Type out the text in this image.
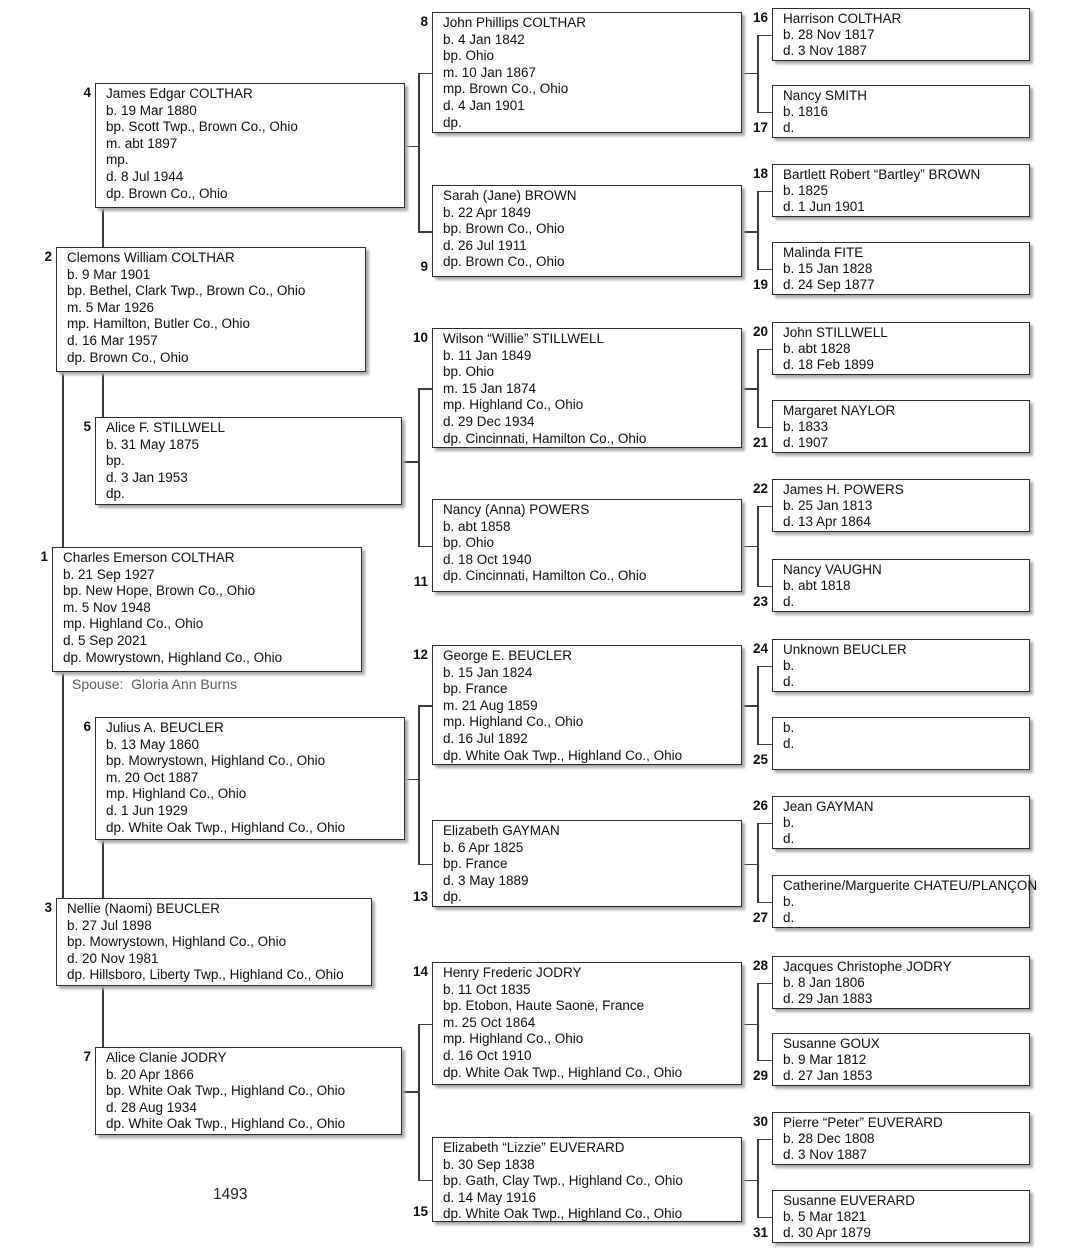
Charles Emerson COLTHAR
b. 21 Sep 1927
bp. New Hope, Brown Co., Ohio
m. 5 Nov 1948
mp. Highland Co., Ohio
d. 5 Sep 2021
dp. Mowrystown, Highland Co., Ohio
1
Clemons William COLTHAR
b. 9 Mar 1901
bp. Bethel, Clark Twp., Brown Co., Ohio
m. 5 Mar 1926
mp. Hamilton, Butler Co., Ohio
d. 16 Mar 1957
dp. Brown Co., Ohio
2
Nellie (Naomi) BEUCLER
b. 27 Jul 1898
bp. Mowrystown, Highland Co., Ohio
d. 20 Nov 1981
dp. Hillsboro, Liberty Twp., Highland Co., Ohio
3
James Edgar COLTHAR
b. 19 Mar 1880
bp. Scott Twp., Brown Co., Ohio
m. abt 1897
mp.
d. 8 Jul 1944
dp. Brown Co., Ohio
4
Alice F. STILLWELL
b. 31 May 1875
bp.
d. 3 Jan 1953
dp.
5
Julius A. BEUCLER
b. 13 May 1860
bp. Mowrystown, Highland Co., Ohio
m. 20 Oct 1887
mp. Highland Co., Ohio
d. 1 Jun 1929
dp. White Oak Twp., Highland Co., Ohio
6
Alice Clanie JODRY
b. 20 Apr 1866
bp. White Oak Twp., Highland Co., Ohio
d. 28 Aug 1934
dp. White Oak Twp., Highland Co., Ohio
7
John Phillips COLTHAR
b. 4 Jan 1842
bp. Ohio
m. 10 Jan 1867
mp. Brown Co., Ohio
d. 4 Jan 1901
dp.
8
Sarah (Jane) BROWN
b. 22 Apr 1849
bp. Brown Co., Ohio
d. 26 Jul 1911
dp. Brown Co., Ohio
9
Wilson “Willie” STILLWELL
b. 11 Jan 1849
bp. Ohio
m. 15 Jan 1874
mp. Highland Co., Ohio
d. 29 Dec 1934
dp. Cincinnati, Hamilton Co., Ohio
10
Nancy (Anna) POWERS
b. abt 1858
bp. Ohio
d. 18 Oct 1940
dp. Cincinnati, Hamilton Co., Ohio
11
George E. BEUCLER
b. 15 Jan 1824
bp. France
m. 21 Aug 1859
mp. Highland Co., Ohio
d. 16 Jul 1892
dp. White Oak Twp., Highland Co., Ohio
12
Elizabeth GAYMAN
b. 6 Apr 1825
bp. France
d. 3 May 1889
dp.
13
Henry Frederic JODRY
b. 11 Oct 1835
bp. Etobon, Haute Saone, France
m. 25 Oct 1864
mp. Highland Co., Ohio
d. 16 Oct 1910
dp. White Oak Twp., Highland Co., Ohio
14
Elizabeth “Lizzie” EUVERARD
b. 30 Sep 1838
bp. Gath, Clay Twp., Highland Co., Ohio
d. 14 May 1916
dp. White Oak Twp., Highland Co., Ohio
15
Harrison COLTHAR
b. 28 Nov 1817
d. 3 Nov 1887
16
Nancy SMITH
b. 1816
d.
17
Bartlett Robert “Bartley” BROWN
b. 1825
d. 1 Jun 1901
18
Malinda FITE
b. 15 Jan 1828
d. 24 Sep 1877
19
John STILLWELL
b. abt 1828
d. 18 Feb 1899
20
Margaret NAYLOR
b. 1833
d. 1907
21
James H. POWERS
b. 25 Jan 1813
d. 13 Apr 1864
22
Nancy VAUGHN
b. abt 1818
d.
23
Unknown BEUCLER
b.
d.
24
b.
d.
25
Jean GAYMAN
b.
d.
26
Catherine/Marguerite CHATEU/PLANÇON
b.
d.
27
Jacques Christophe JODRY
b. 8 Jan 1806
d. 29 Jan 1883
28
Susanne GOUX
b. 9 Mar 1812
d. 27 Jan 1853
29
Pierre “Peter” EUVERARD
b. 28 Dec 1808
d. 3 Nov 1887
30
Susanne EUVERARD
b. 5 Mar 1821
d. 30 Apr 1879
31
Spouse:  Gloria Ann Burns
1493
